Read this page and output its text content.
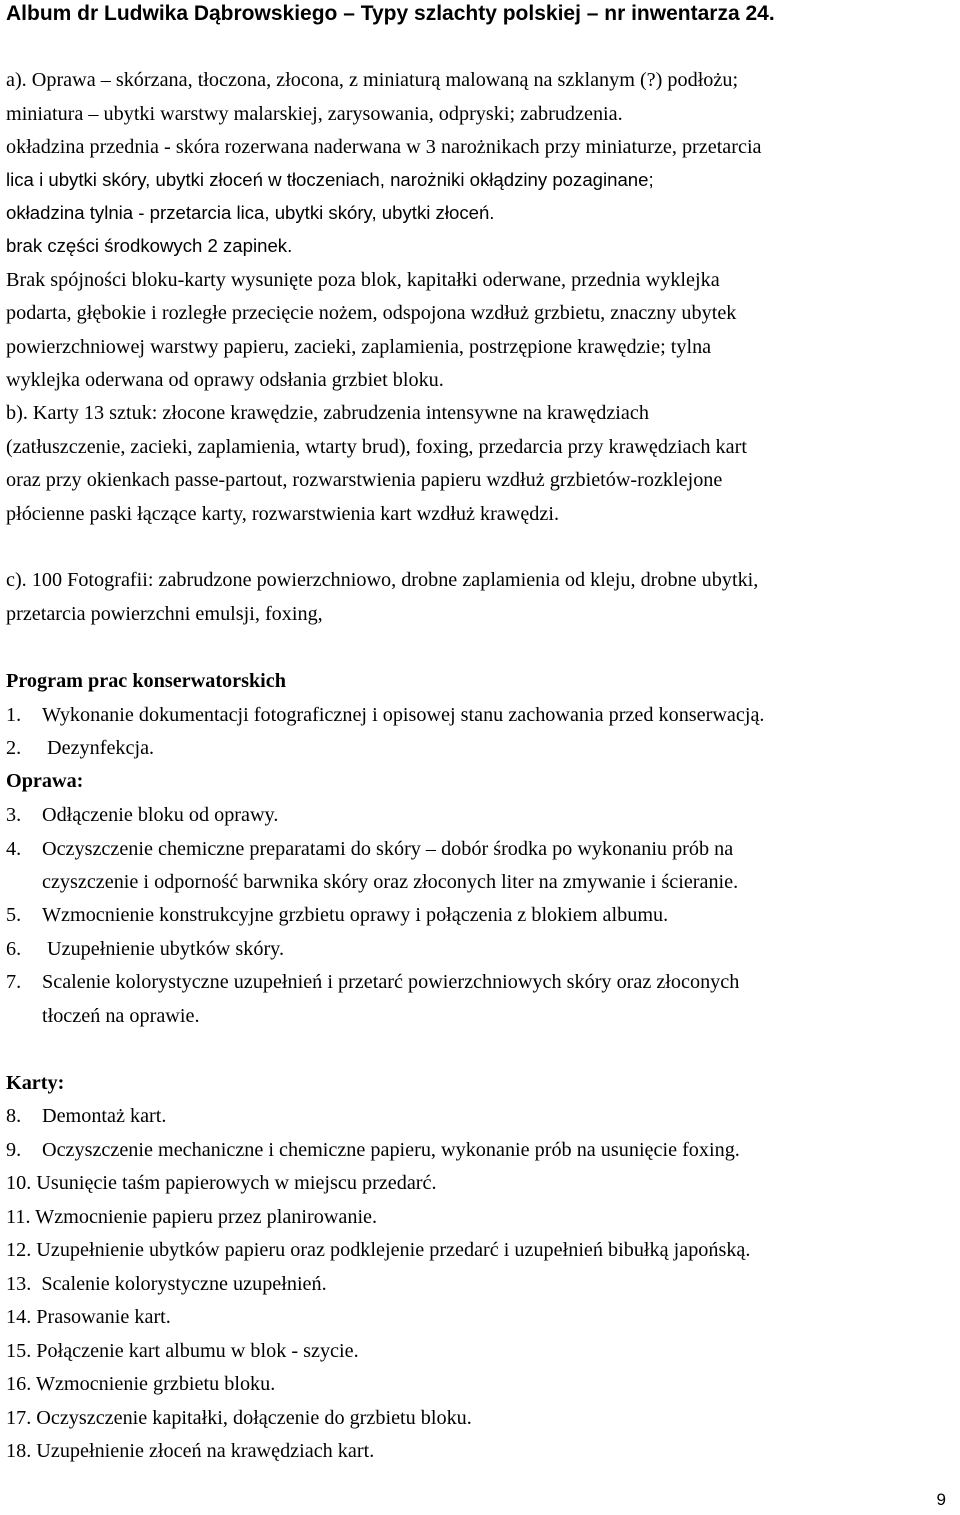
Album dr Ludwika Dąbrowskiego – Typy szlachty polskiej – nr inwentarza 24.
a). Oprawa – skórzana, tłoczona, złocona, z miniaturą malowaną na szklanym (?) podłożu;
miniatura – ubytki warstwy malarskiej, zarysowania, odpryski; zabrudzenia.
okładzina przednia - skóra rozerwana naderwana w 3 narożnikach przy miniaturze, przetarcia
lica i ubytki skóry, ubytki złoceń w tłoczeniach, narożniki okłądziny pozaginane;
okładzina tylnia - przetarcia lica, ubytki skóry, ubytki złoceń.
brak części środkowych 2 zapinek.
Brak spójności bloku-karty wysunięte poza blok, kapitałki oderwane, przednia wyklejka
podarta, głębokie i rozległe przecięcie nożem, odspojona wzdłuż grzbietu, znaczny ubytek
powierzchniowej warstwy papieru, zacieki, zaplamienia, postrzępione krawędzie; tylna
wyklejka oderwana od oprawy odsłania grzbiet bloku.
b). Karty 13 sztuk: złocone krawędzie, zabrudzenia intensywne na krawędziach
(zatłuszczenie, zacieki, zaplamienia, wtarty brud), foxing, przedarcia przy krawędziach kart
oraz przy okienkach passe-partout, rozwarstwienia papieru wzdłuż grzbietów-rozklejone
płócienne paski łączące karty, rozwarstwienia kart wzdłuż krawędzi.
c). 100 Fotografii: zabrudzone powierzchniowo, drobne zaplamienia od kleju, drobne ubytki,
przetarcia powierzchni emulsji, foxing,
Program prac konserwatorskich
1. Wykonanie dokumentacji fotograficznej i opisowej stanu zachowania przed konserwacją.
2. Dezynfekcja.
Oprawa:
3. Odłączenie bloku od oprawy.
4. Oczyszczenie chemiczne preparatami do skóry – dobór środka po wykonaniu prób na
czyszczenie i odporność barwnika skóry oraz złoconych liter na zmywanie i ścieranie.
5. Wzmocnienie konstrukcyjne grzbietu oprawy i połączenia z blokiem albumu.
6. Uzupełnienie ubytków skóry.
7. Scalenie kolorystyczne uzupełnień i przetarć powierzchniowych skóry oraz złoconych
tłoczeń na oprawie.
Karty:
8. Demontaż kart.
9. Oczyszczenie mechaniczne i chemiczne papieru, wykonanie prób na usunięcie foxing.
10. Usunięcie taśm papierowych w miejscu przedarć.
11. Wzmocnienie papieru przez planirowanie.
12. Uzupełnienie ubytków papieru oraz podklejenie przedarć i uzupełnień bibułką japońską.
13.  Scalenie kolorystyczne uzupełnień.
14. Prasowanie kart.
15. Połączenie kart albumu w blok - szycie.
16. Wzmocnienie grzbietu bloku.
17. Oczyszczenie kapitałki, dołączenie do grzbietu bloku.
18. Uzupełnienie złoceń na krawędziach kart.
9
